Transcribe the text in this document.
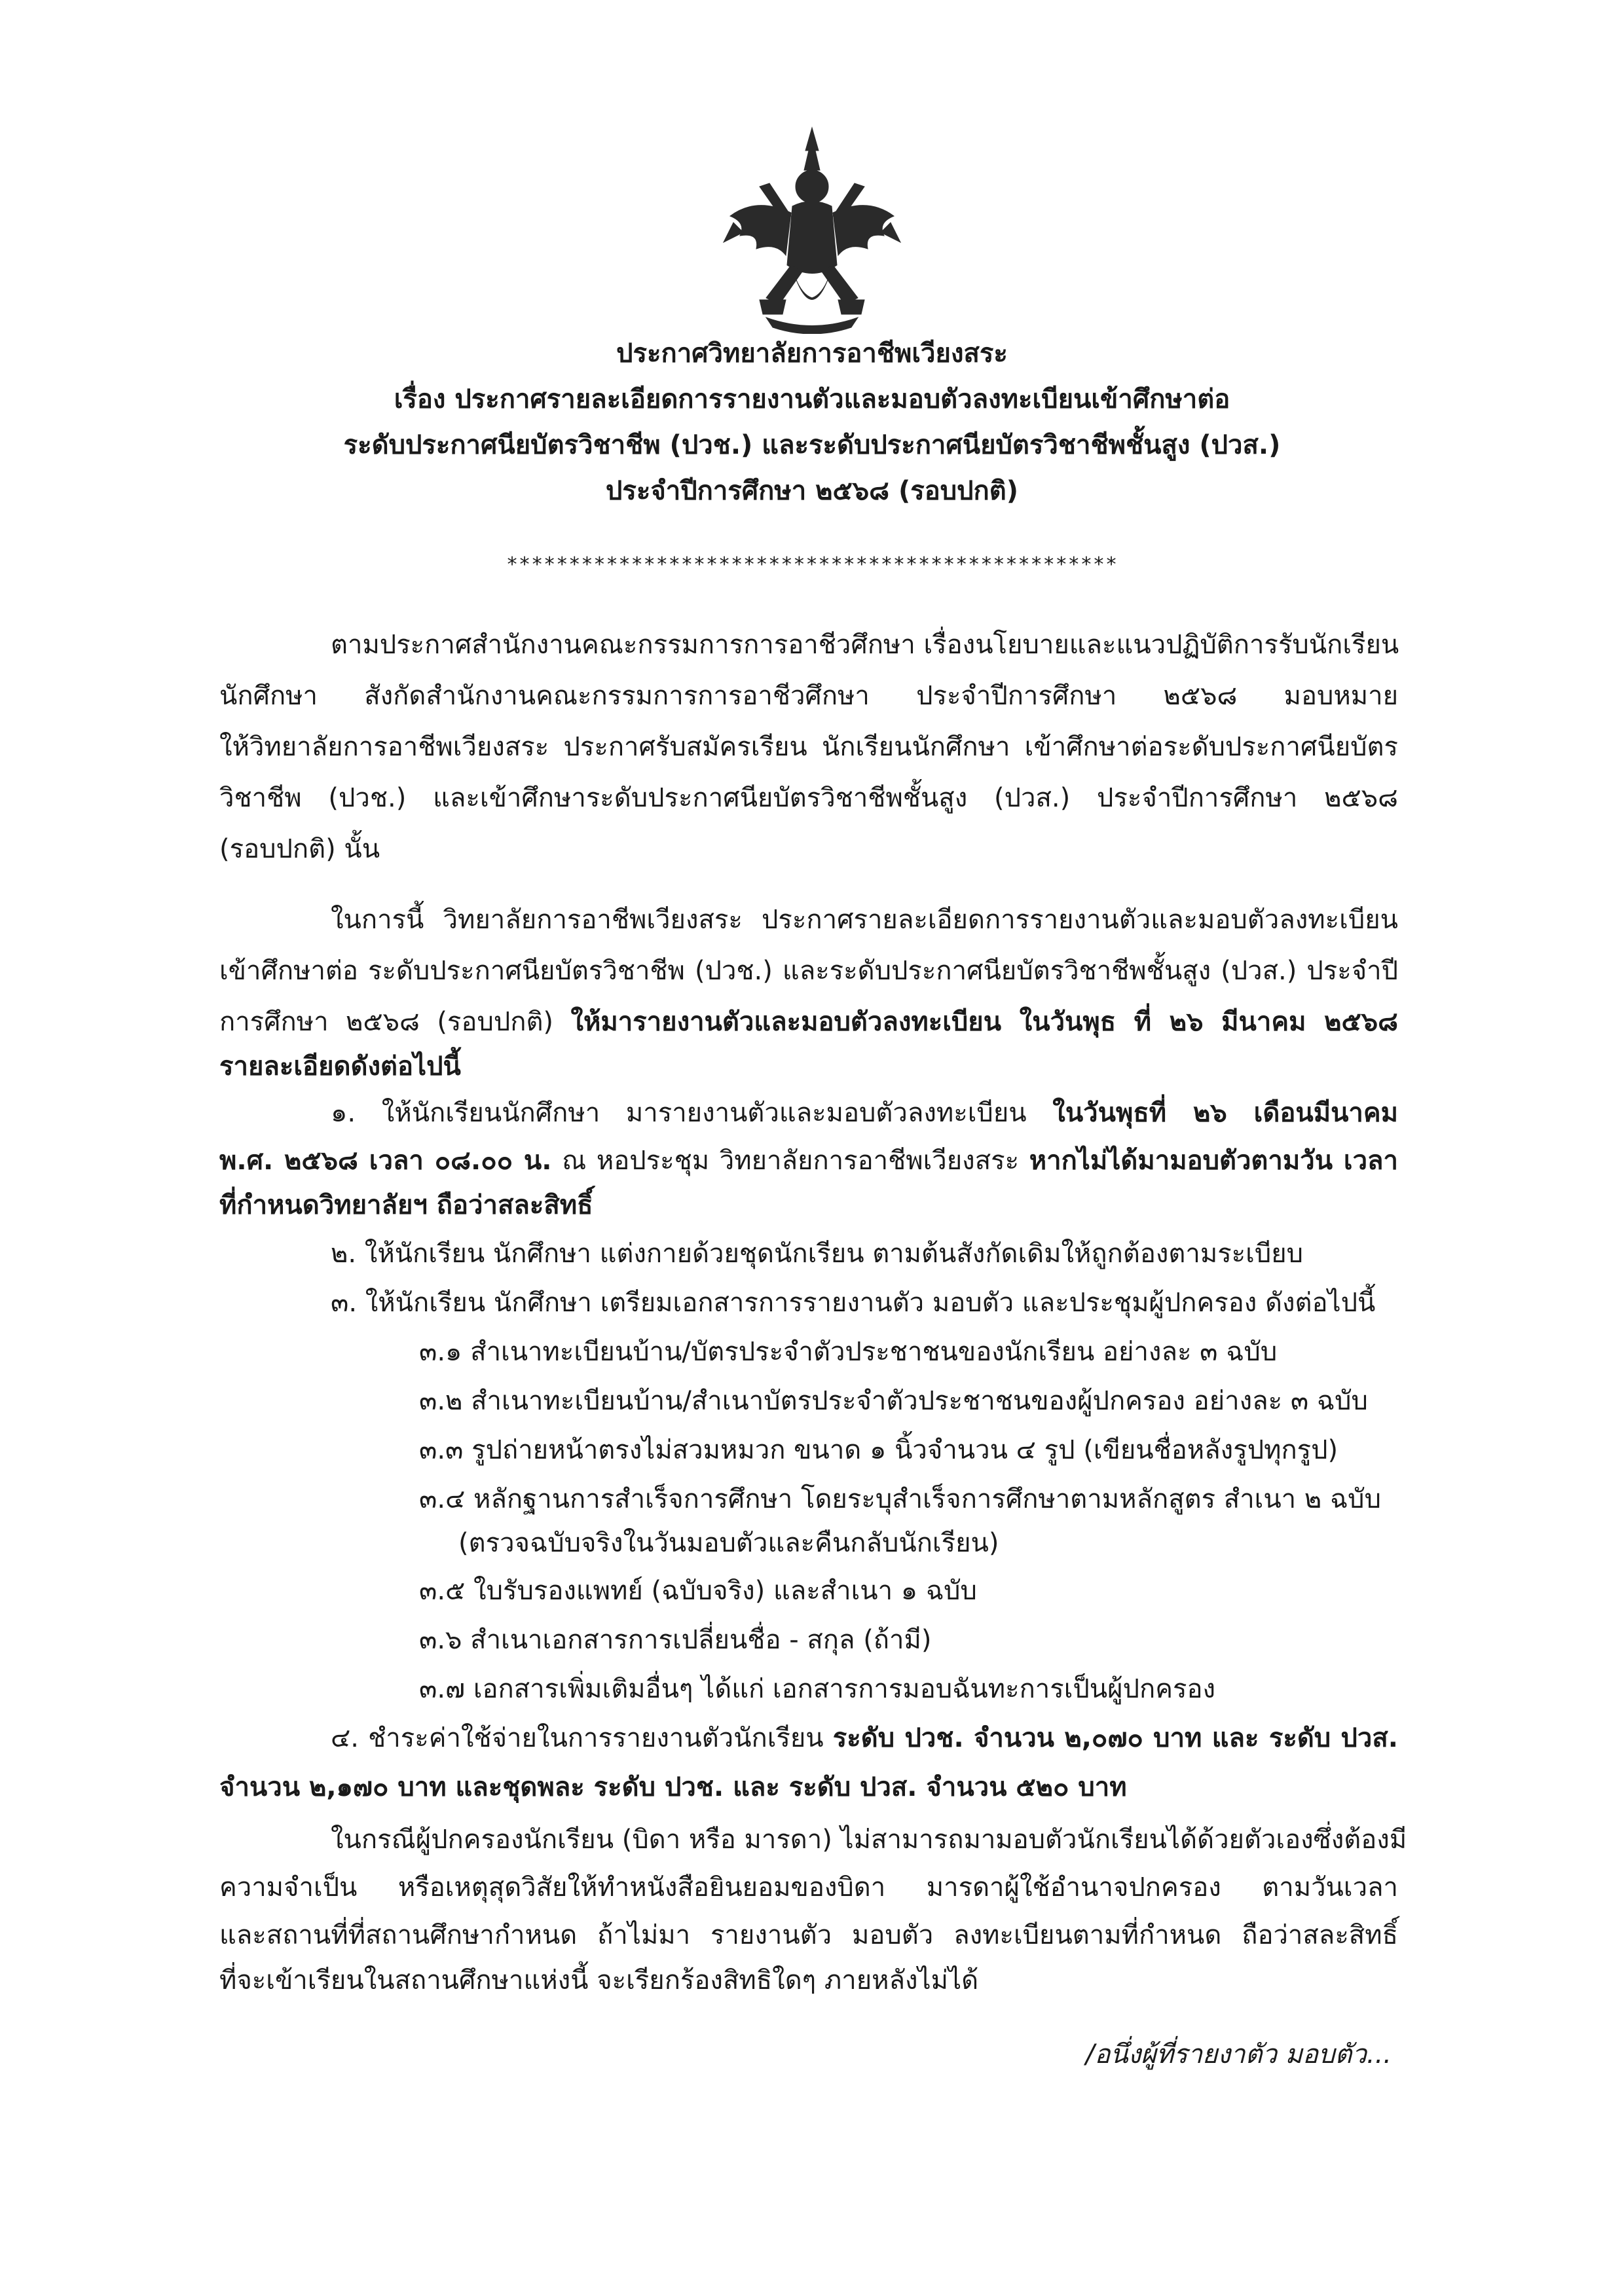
ประกาศวิทยาลัยการอาชีพเวียงสระ
เรื่อง ประกาศรายละเอียดการรายงานตัวและมอบตัวลงทะเบียนเข้าศึกษาต่อ
ระดับประกาศนียบัตรวิชาชีพ (ปวช.) และระดับประกาศนียบัตรวิชาชีพชั้นสูง (ปวส.)
ประจำปีการศึกษา ๒๕๖๘ (รอบปกติ)
*************************************************
ตามประกาศสำนักงานคณะกรรมการการอาชีวศึกษา เรื่องนโยบายและแนวปฏิบัติการรับนักเรียน
นักศึกษา สังกัดสำนักงานคณะกรรมการการอาชีวศึกษา ประจำปีการศึกษา ๒๕๖๘ มอบหมาย
ให้วิทยาลัยการอาชีพเวียงสระ ประกาศรับสมัครเรียน นักเรียนนักศึกษา เข้าศึกษาต่อระดับประกาศนียบัตร
วิชาชีพ (ปวช.) และเข้าศึกษาระดับประกาศนียบัตรวิชาชีพชั้นสูง (ปวส.) ประจำปีการศึกษา ๒๕๖๘
(รอบปกติ) นั้น
ในการนี้ วิทยาลัยการอาชีพเวียงสระ ประกาศรายละเอียดการรายงานตัวและมอบตัวลงทะเบียน
เข้าศึกษาต่อ ระดับประกาศนียบัตรวิชาชีพ (ปวช.) และระดับประกาศนียบัตรวิชาชีพชั้นสูง (ปวส.) ประจำปี
การศึกษา ๒๕๖๘ (รอบปกติ) ให้มารายงานตัวและมอบตัวลงทะเบียน ในวันพุธ ที่ ๒๖ มีนาคม ๒๕๖๘
รายละเอียดดังต่อไปนี้
๑. ให้นักเรียนนักศึกษา มารายงานตัวและมอบตัวลงทะเบียน ในวันพุธที่ ๒๖ เดือนมีนาคม
พ.ศ. ๒๕๖๘ เวลา ๐๘.๐๐ น. ณ หอประชุม วิทยาลัยการอาชีพเวียงสระ หากไม่ได้มามอบตัวตามวัน เวลา
ที่กำหนดวิทยาลัยฯ ถือว่าสละสิทธิ์
๒. ให้นักเรียน นักศึกษา แต่งกายด้วยชุดนักเรียน ตามต้นสังกัดเดิมให้ถูกต้องตามระเบียบ
๓. ให้นักเรียน นักศึกษา เตรียมเอกสารการรายงานตัว มอบตัว และประชุมผู้ปกครอง ดังต่อไปนี้
๓.๑ สำเนาทะเบียนบ้าน/บัตรประจำตัวประชาชนของนักเรียน อย่างละ ๓ ฉบับ
๓.๒ สำเนาทะเบียนบ้าน/สำเนาบัตรประจำตัวประชาชนของผู้ปกครอง อย่างละ ๓ ฉบับ
๓.๓ รูปถ่ายหน้าตรงไม่สวมหมวก ขนาด ๑ นิ้วจำนวน ๔ รูป (เขียนชื่อหลังรูปทุกรูป)
๓.๔ หลักฐานการสำเร็จการศึกษา โดยระบุสำเร็จการศึกษาตามหลักสูตร สำเนา ๒ ฉบับ
(ตรวจฉบับจริงในวันมอบตัวและคืนกลับนักเรียน)
๓.๕ ใบรับรองแพทย์ (ฉบับจริง) และสำเนา ๑ ฉบับ
๓.๖ สำเนาเอกสารการเปลี่ยนชื่อ - สกุล (ถ้ามี)
๓.๗ เอกสารเพิ่มเติมอื่นๆ ได้แก่ เอกสารการมอบฉันทะการเป็นผู้ปกครอง
๔. ชำระค่าใช้จ่ายในการรายงานตัวนักเรียน ระดับ ปวช. จำนวน ๒,๐๗๐ บาท และ ระดับ ปวส.
จำนวน ๒,๑๗๐ บาท และชุดพละ ระดับ ปวช. และ ระดับ ปวส. จำนวน ๕๒๐ บาท
ในกรณีผู้ปกครองนักเรียน (บิดา หรือ มารดา) ไม่สามารถมามอบตัวนักเรียนได้ด้วยตัวเองซึ่งต้องมี
ความจำเป็น หรือเหตุสุดวิสัยให้ทำหนังสือยินยอมของบิดา มารดาผู้ใช้อำนาจปกครอง ตามวันเวลา
และสถานที่ที่สถานศึกษากำหนด ถ้าไม่มา รายงานตัว มอบตัว ลงทะเบียนตามที่กำหนด ถือว่าสละสิทธิ์
ที่จะเข้าเรียนในสถานศึกษาแห่งนี้ จะเรียกร้องสิทธิใดๆ ภายหลังไม่ได้
/อนึ่งผู้ที่รายงาตัว มอบตัว...
